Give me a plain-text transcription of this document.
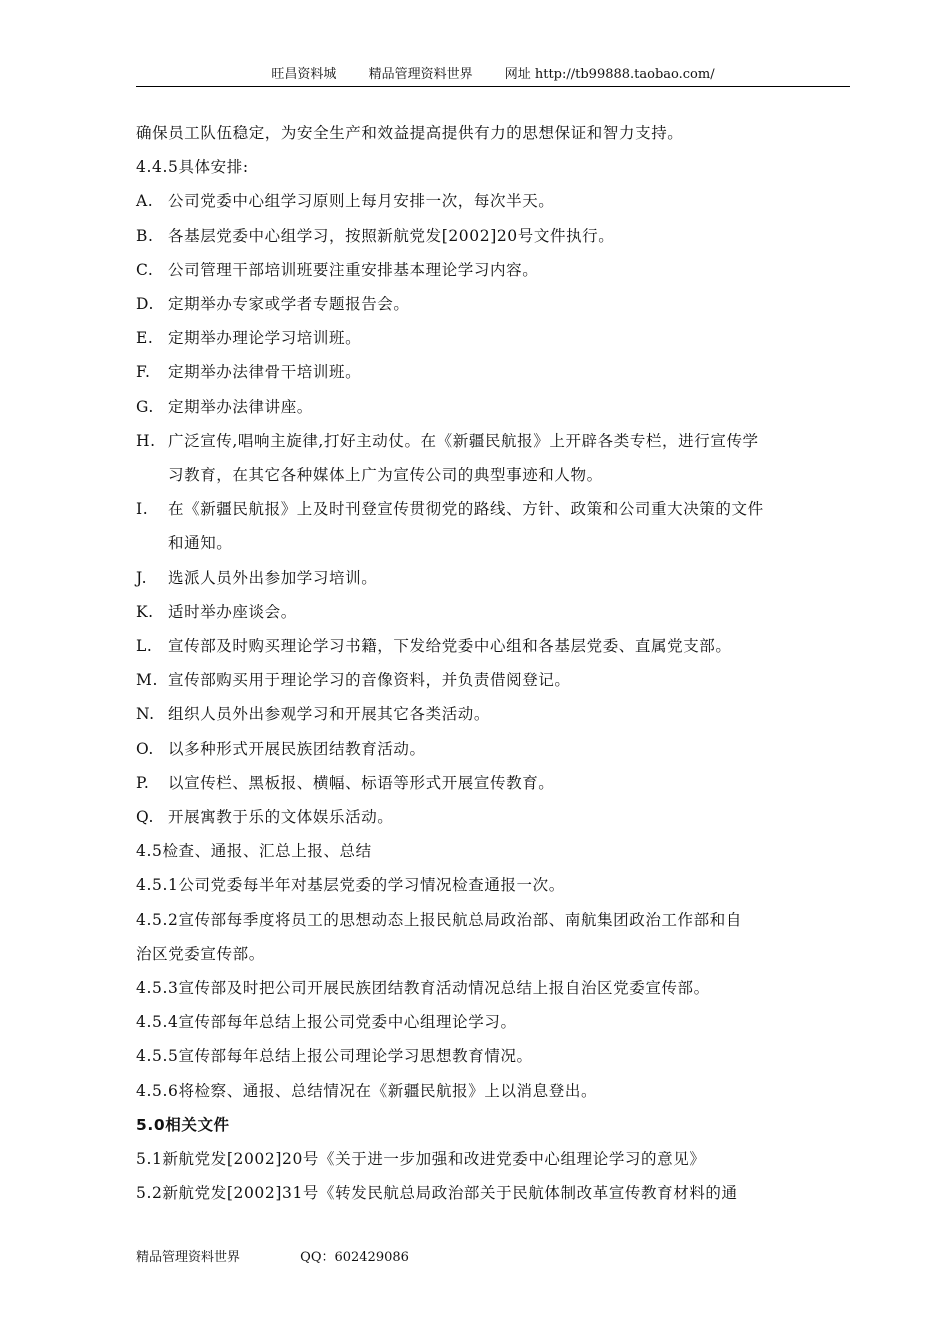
旺昌资料城 精品管理资料世界 网址 http://tb99888.taobao.com/
确保员工队伍稳定，为安全生产和效益提高提供有力的思想保证和智力支持。
4.4.5具体安排:
A. 公司党委中心组学习原则上每月安排一次，每次半天。
B. 各基层党委中心组学习，按照新航党发[2002]20号文件执行。
C. 公司管理干部培训班要注重安排基本理论学习内容。
D. 定期举办专家或学者专题报告会。
E. 定期举办理论学习培训班。
F.	定期举办法律骨干培训班。
G. 定期举办法律讲座。
H. 广泛宣传,唱响主旋律,打好主动仗。在《新疆民航报》上开辟各类专栏，进行宣传学
习教育，在其它各种媒体上广为宣传公司的典型事迹和人物。
I.	在《新疆民航报》上及时刊登宣传贯彻党的路线、方针、政策和公司重大决策的文件
和通知。
J.	选派人员外出参加学习培训。
K. 适时举办座谈会。
L.	宣传部及时购买理论学习书籍，下发给党委中心组和各基层党委、直属党支部。
M. 宣传部购买用于理论学习的音像资料，并负责借阅登记。
N. 组织人员外出参观学习和开展其它各类活动。
O. 以多种形式开展民族团结教育活动。
P.	以宣传栏、黑板报、横幅、标语等形式开展宣传教育。
Q. 开展寓教于乐的文体娱乐活动。
4.5检查、通报、汇总上报、总结
4.5.1公司党委每半年对基层党委的学习情况检查通报一次。
4.5.2宣传部每季度将员工的思想动态上报民航总局政治部、南航集团政治工作部和自
治区党委宣传部。
4.5.3宣传部及时把公司开展民族团结教育活动情况总结上报自治区党委宣传部。
4.5.4宣传部每年总结上报公司党委中心组理论学习。
4.5.5宣传部每年总结上报公司理论学习思想教育情况。
4.5.6将检察、通报、总结情况在《新疆民航报》上以消息登出。
5.0相关文件
5.1新航党发[2002]20号《关于进一步加强和改进党委中心组理论学习的意见》
5.2新航党发[2002]31号《转发民航总局政治部关于民航体制改革宣传教育材料的通
精品管理资料世界	QQ：602429086
